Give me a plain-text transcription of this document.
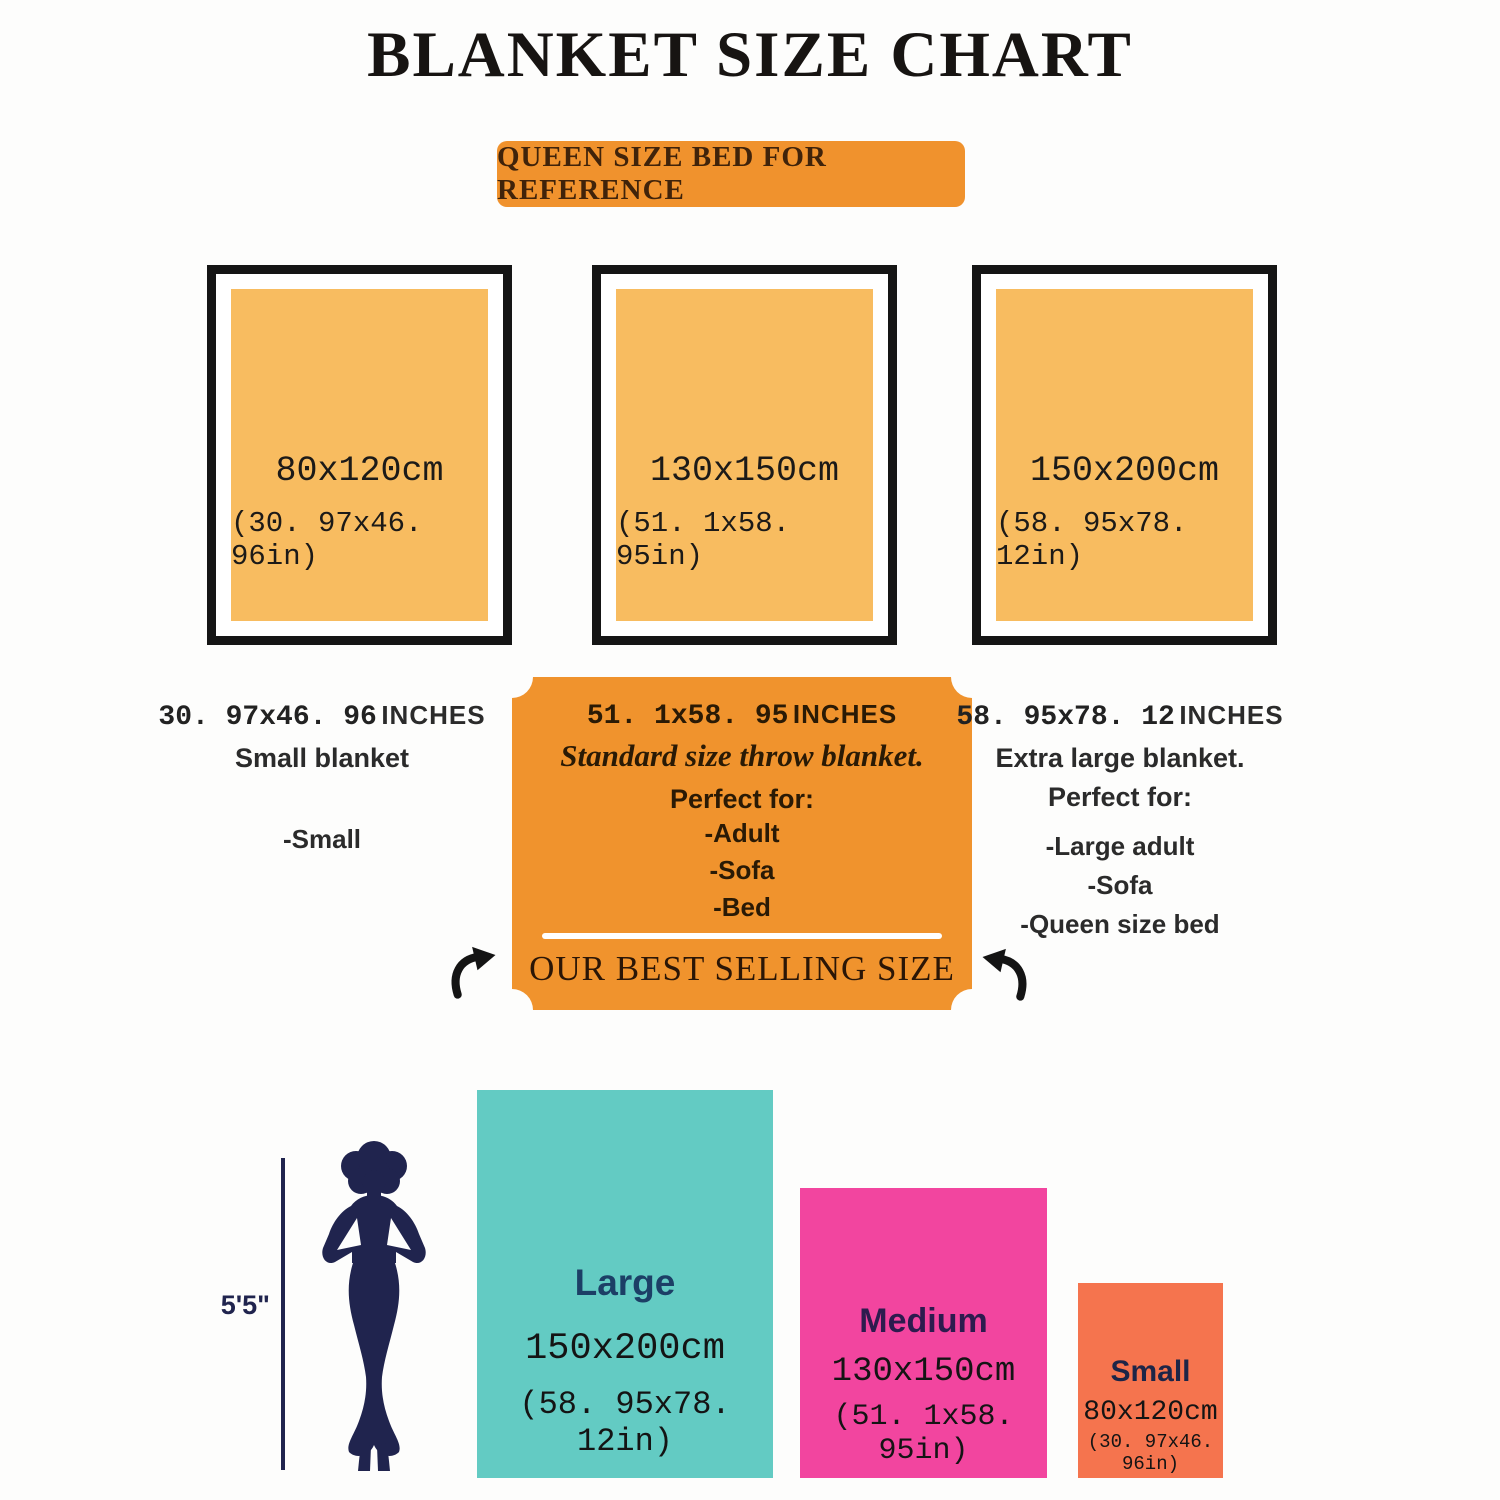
BLANKET SIZE CHART
QUEEN SIZE BED FOR REFERENCE
80x120cm
(30. 97x46. 96in)
130x150cm
(51. 1x58. 95in)
150x200cm
(58. 95x78. 12in)
30. 97x46. 96 INCHES
Small blanket
-Small
51. 1x58. 95 INCHES
Standard size throw blanket.
Perfect for:
-Adult
-Sofa
-Bed
OUR BEST SELLING SIZE
58. 95x78. 12 INCHES
Extra large blanket.
Perfect for:
-Large adult
-Sofa
-Queen size bed
5'5"
Large
150x200cm
(58. 95x78. 12in)
Medium
130x150cm
(51. 1x58. 95in)
Small
80x120cm
(30. 97x46. 96in)
